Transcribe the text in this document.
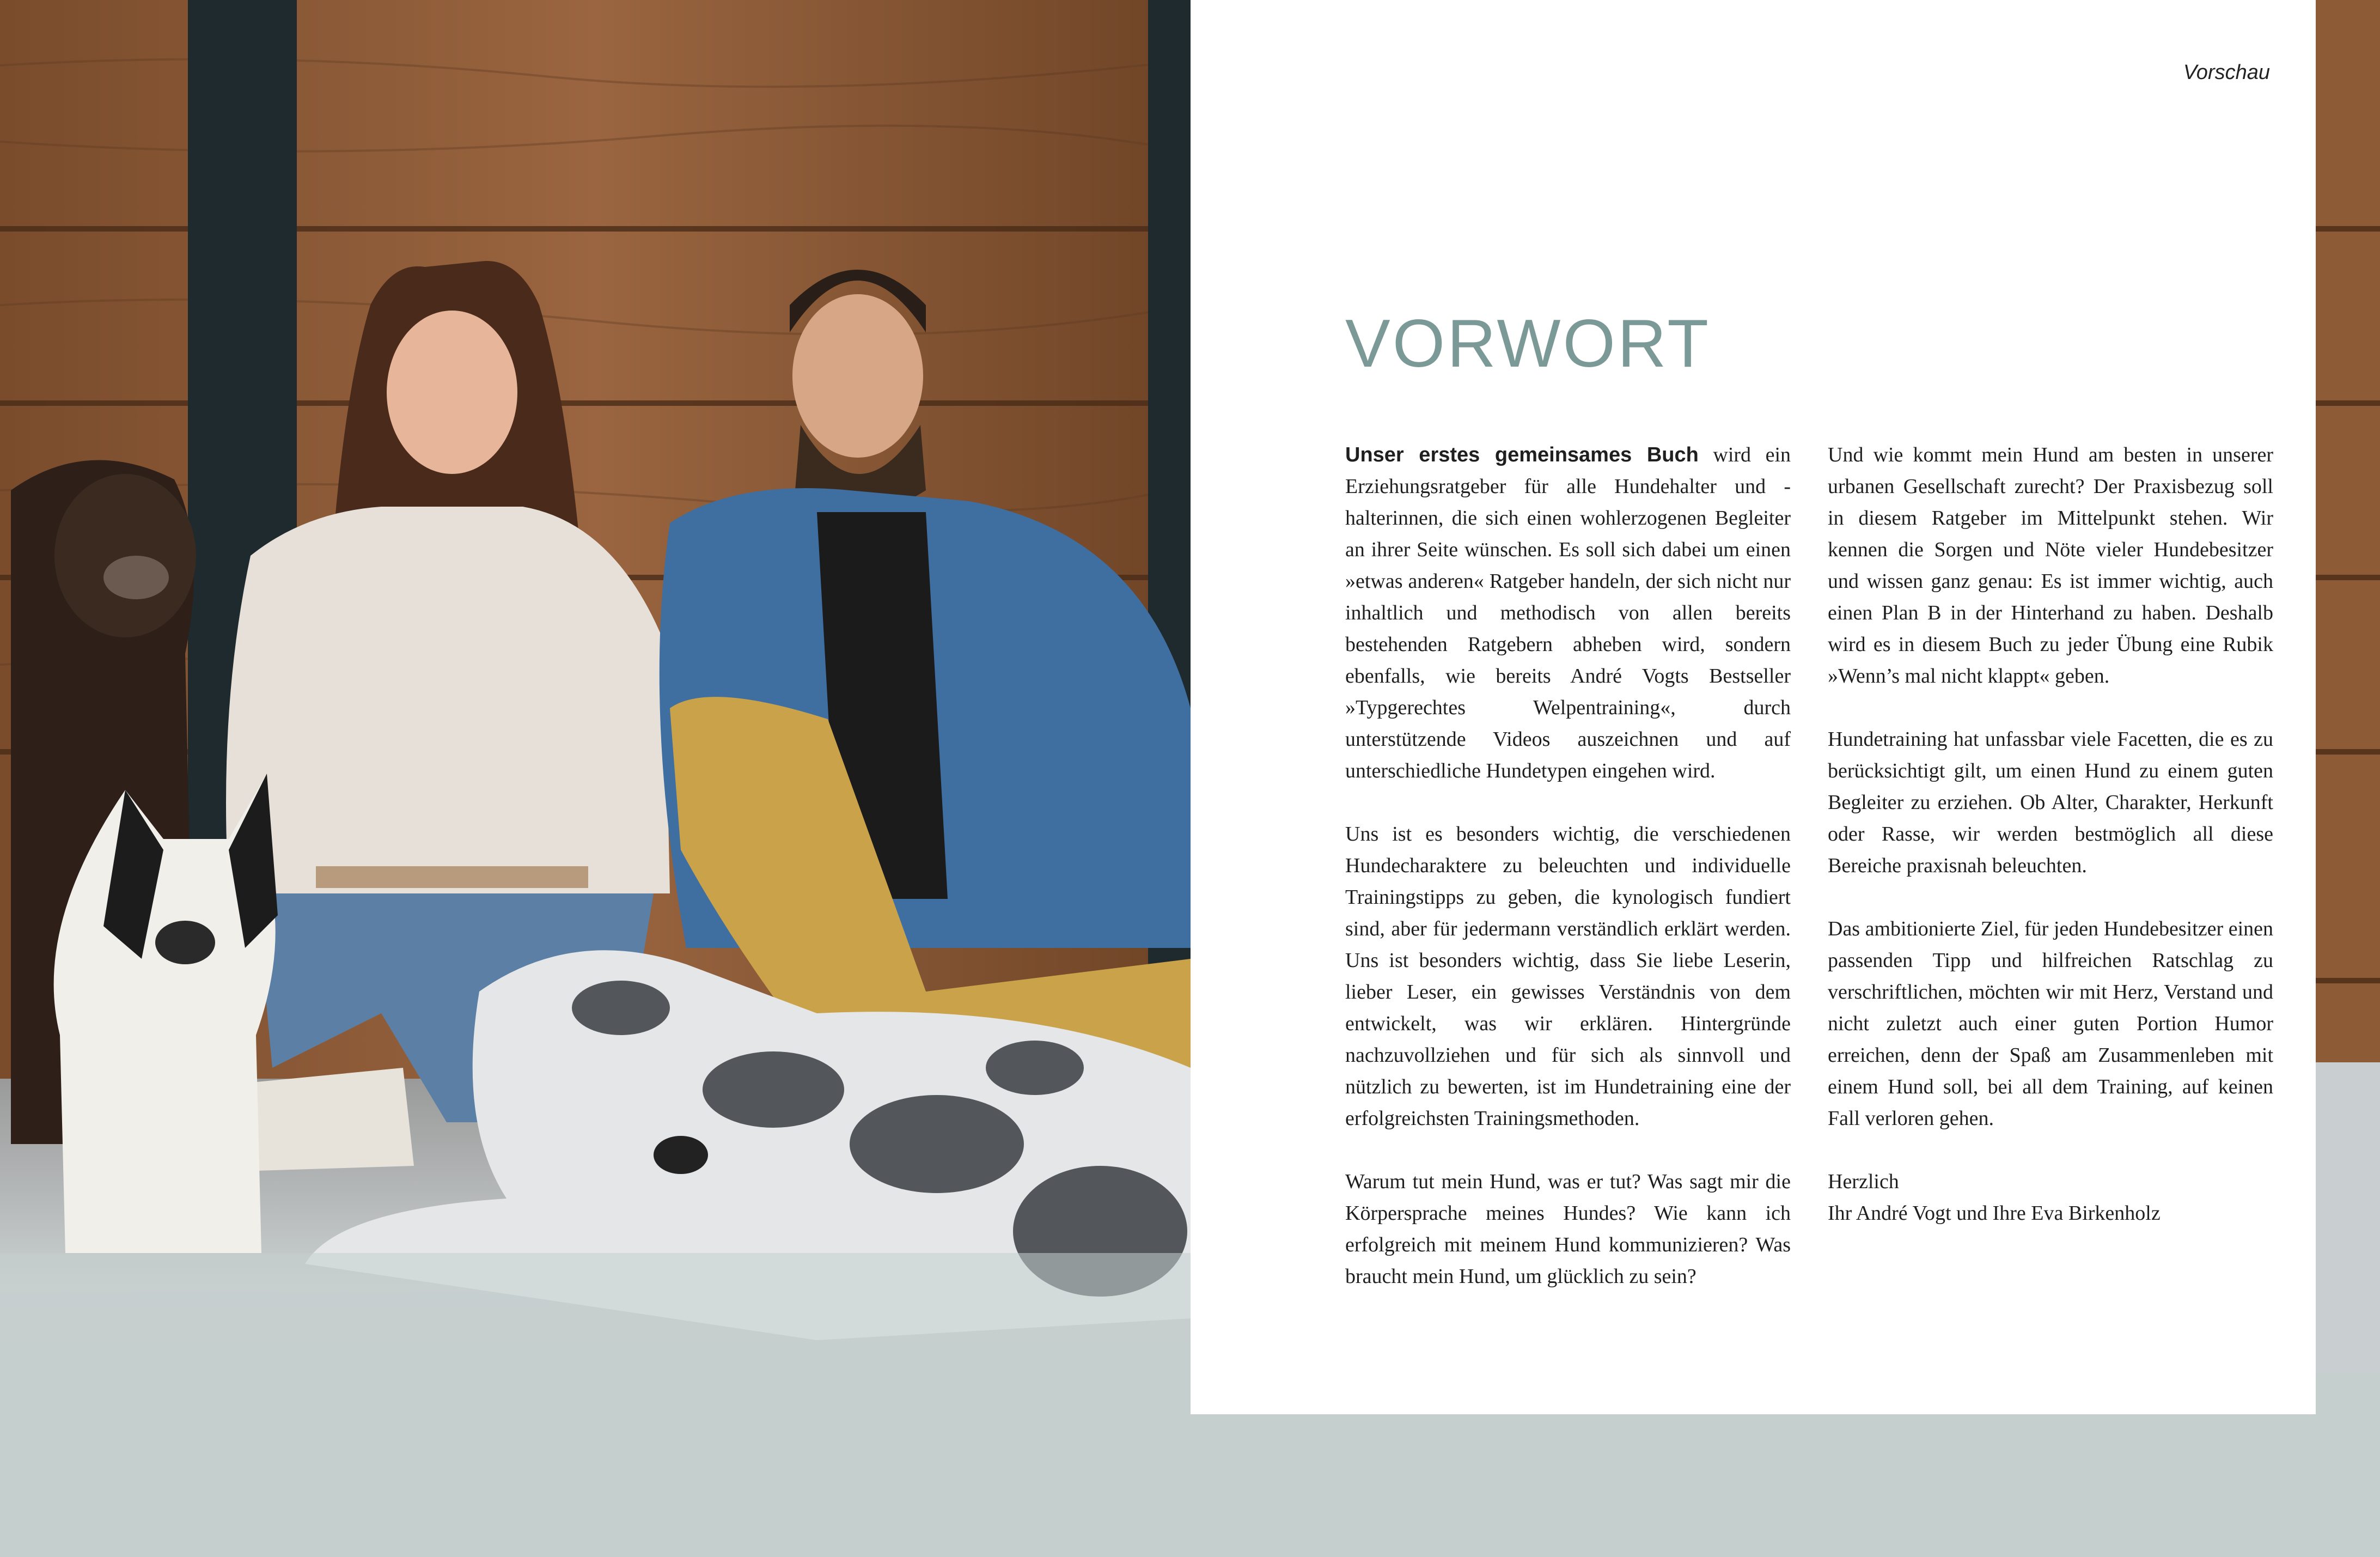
Vorschau
VORWORT

Unser erstes gemeinsames Buch wird ein Erziehungsratgeber für alle Hundehalter und -halterinnen, die sich einen wohlerzogenen Begleiter an ihrer Seite wünschen. Es soll sich dabei um einen »etwas anderen« Ratgeber handeln, der sich nicht nur inhaltlich und methodisch von allen bereits bestehenden Ratgebern abheben wird, sondern ebenfalls, wie bereits André Vogts Bestseller »Typgerechtes Welpentraining«, durch unterstützende Videos auszeichnen und auf unterschiedliche Hundetypen eingehen wird.

Uns ist es besonders wichtig, die verschiedenen Hundecharaktere zu beleuchten und individuelle Trainingstipps zu geben, die kynologisch fundiert sind, aber für jedermann verständlich erklärt werden. Uns ist besonders wichtig, dass Sie liebe Leserin, lieber Leser, ein gewisses Verständnis von dem entwickelt, was wir erklären. Hintergründe nachzuvollziehen und für sich als sinnvoll und nützlich zu bewerten, ist im Hundetraining eine der erfolgreichsten Trainingsmethoden.

Warum tut mein Hund, was er tut? Was sagt mir die Körpersprache meines Hundes? Wie kann ich erfolgreich mit meinem Hund kommunizieren? Was braucht mein Hund, um glücklich zu sein?

Und wie kommt mein Hund am besten in unserer urbanen Gesellschaft zurecht? Der Praxisbezug soll in diesem Ratgeber im Mittelpunkt stehen. Wir kennen die Sorgen und Nöte vieler Hundebesitzer und wissen ganz genau: Es ist immer wichtig, auch einen Plan B in der Hinterhand zu haben. Deshalb wird es in diesem Buch zu jeder Übung eine Rubik »Wenn’s mal nicht klappt« geben.

Hundetraining hat unfassbar viele Facetten, die es zu berücksichtigt gilt, um einen Hund zu einem guten Begleiter zu erziehen. Ob Alter, Charakter, Herkunft oder Rasse, wir werden bestmöglich all diese Bereiche praxisnah beleuchten.

Das ambitionierte Ziel, für jeden Hundebesitzer einen passenden Tipp und hilfreichen Ratschlag zu verschriftlichen, möchten wir mit Herz, Verstand und nicht zuletzt auch einer guten Portion Humor erreichen, denn der Spaß am Zusammenleben mit einem Hund soll, bei all dem Training, auf keinen Fall verloren gehen.

Herzlich

Ihr André Vogt und Ihre Eva Birkenholz
